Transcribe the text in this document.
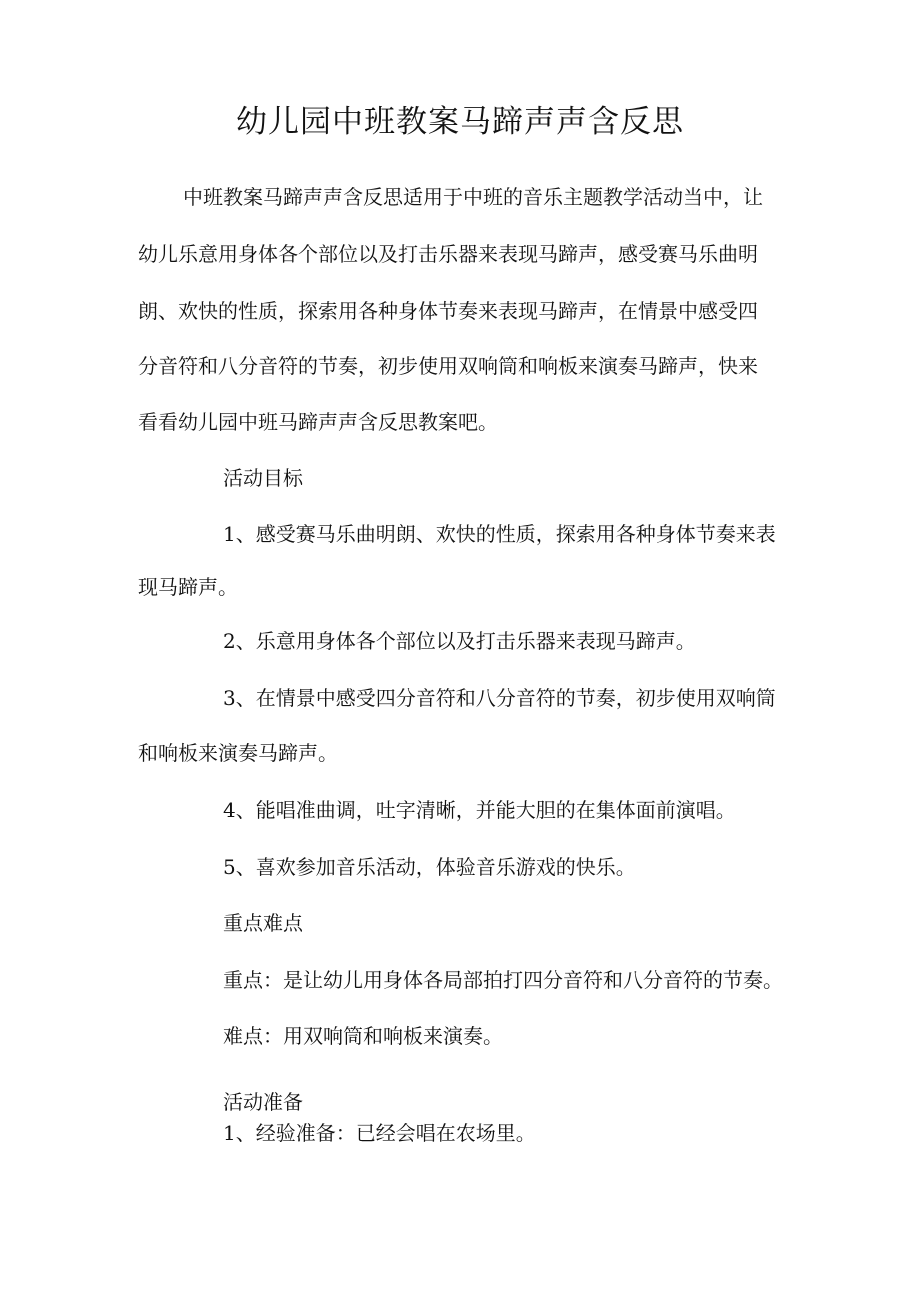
幼儿园中班教案马蹄声声含反思
中班教案马蹄声声含反思适用于中班的音乐主题教学活动当中，让
幼儿乐意用身体各个部位以及打击乐器来表现马蹄声，感受赛马乐曲明
朗、欢快的性质，探索用各种身体节奏来表现马蹄声，在情景中感受四
分音符和八分音符的节奏，初步使用双响筒和响板来演奏马蹄声，快来
看看幼儿园中班马蹄声声含反思教案吧。
活动目标
1、感受赛马乐曲明朗、欢快的性质，探索用各种身体节奏来表
现马蹄声。
2、乐意用身体各个部位以及打击乐器来表现马蹄声。
3、在情景中感受四分音符和八分音符的节奏，初步使用双响筒
和响板来演奏马蹄声。
4、能唱准曲调，吐字清晰，并能大胆的在集体面前演唱。
5、喜欢参加音乐活动，体验音乐游戏的快乐。
重点难点
重点：是让幼儿用身体各局部拍打四分音符和八分音符的节奏。
难点：用双响筒和响板来演奏。
活动准备
1、经验准备：已经会唱在农场里。
